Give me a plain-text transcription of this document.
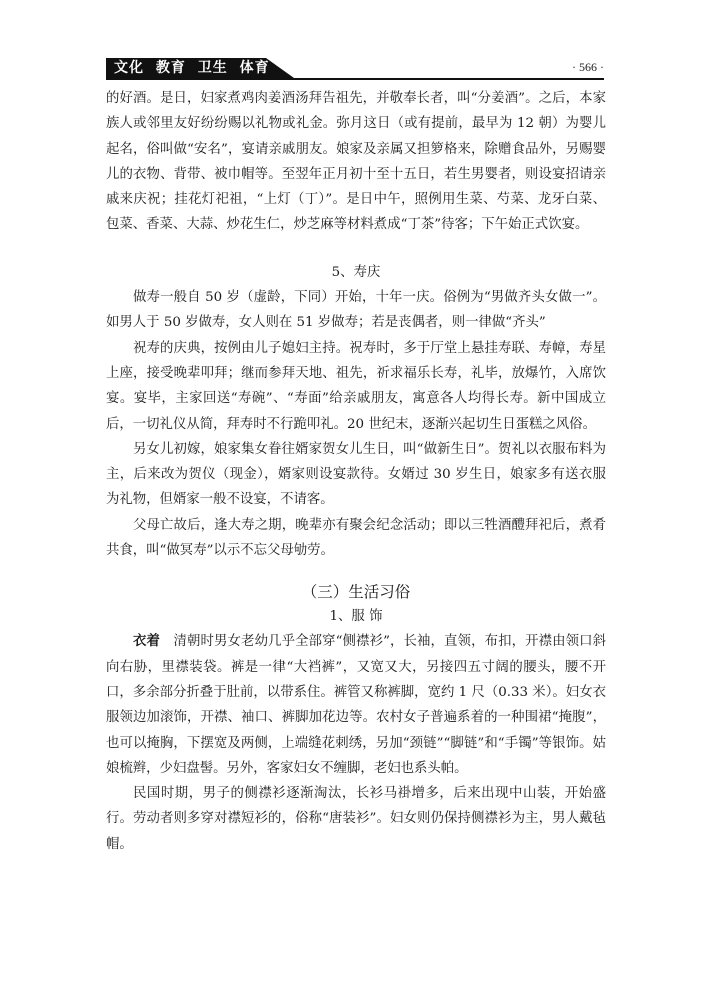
文化 教育 卫生 体育	· 566 ·

的好酒。是日，妇家煮鸡肉姜酒汤拜告祖先，并敬奉长者，叫“分姜酒”。之后，本家族人或邻里友好纷纷赐以礼物或礼金。弥月这日（或有提前，最早为 12 朝）为婴儿起名，俗叫做“安名”，宴请亲戚朋友。娘家及亲属又担箩格来，除赠食品外，另赐婴儿的衣物、背带、被巾帽等。至翌年正月初十至十五日，若生男婴者，则设宴招请亲戚来庆祝；挂花灯祀祖，“上灯（丁）”。是日中午，照例用生菜、芍菜、龙牙白菜、包菜、香菜、大蒜、炒花生仁，炒芝麻等材料煮成“丁茶”待客；下午始正式饮宴。

5、寿庆

做寿一般自 50 岁（虚龄，下同）开始，十年一庆。俗例为“男做齐头女做一”。如男人于 50 岁做寿，女人则在 51 岁做寿；若是丧偶者，则一律做“齐头”

祝寿的庆典，按例由儿子媳妇主持。祝寿时，多于厅堂上悬挂寿联、寿幛，寿星上座，接受晚辈叩拜；继而参拜天地、祖先，祈求福乐长寿，礼毕，放爆竹，入席饮宴。宴毕，主家回送“寿碗”、“寿面”给亲戚朋友，寓意各人均得长寿。新中国成立后，一切礼仪从简，拜寿时不行跪叩礼。20 世纪末，逐渐兴起切生日蛋糕之风俗。

另女儿初嫁，娘家集女眷往婿家贺女儿生日，叫“做新生日”。贺礼以衣服布料为主，后来改为贺仪（现金），婿家则设宴款待。女婿过 30 岁生日，娘家多有送衣服为礼物，但婿家一般不设宴，不请客。

父母亡故后，逢大寿之期，晚辈亦有聚会纪念活动；即以三牲酒醴拜祀后，煮肴共食，叫“做冥寿”以示不忘父母劬劳。

（三）生活习俗

1、服 饰

衣着　 清朝时男女老幼几乎全部穿“侧襟衫”，长袖，直领，布扣，开襟由领口斜向右胁，里襟装袋。裤是一律“大裆裤”，又宽又大，另接四五寸阔的腰头，腰不开口，多余部分折叠于肚前，以带系住。裤管又称裤脚，宽约 1 尺（0.33 米）。妇女衣服领边加滚饰，开襟、袖口、裤脚加花边等。农村女子普遍系着的一种围裙“掩腹”，也可以掩胸，下摆宽及两侧，上端缝花刺绣，另加“颈链”“脚链”和“手镯”等银饰。姑娘梳辫，少妇盘髻。另外，客家妇女不缠脚，老妇也系头帕。

民国时期，男子的侧襟衫逐渐淘汰，长衫马褂增多，后来出现中山装，开始盛行。劳动者则多穿对襟短衫的，俗称“唐装衫”。妇女则仍保持侧襟衫为主，男人戴毡帽。
